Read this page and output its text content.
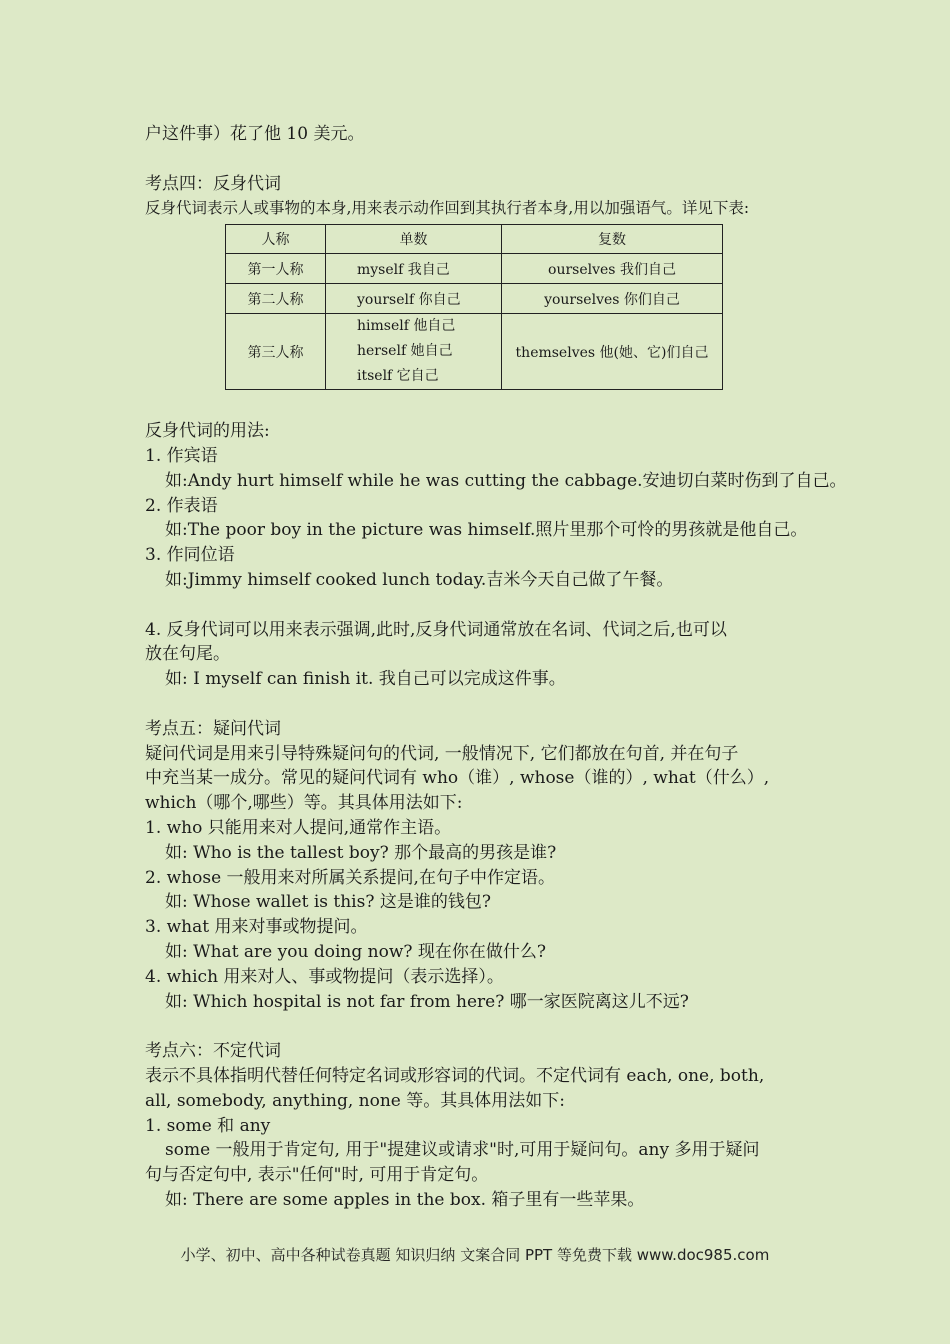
户这件事）花了他 10 美元。
考点四：反身代词
反身代词表示人或事物的本身,用来表示动作回到其执行者本身,用以加强语气。详见下表:
反身代词的用法:
1. 作宾语
如:Andy hurt himself while he was cutting the cabbage.安迪切白菜时伤到了自己。
2. 作表语
如:The poor boy in the picture was himself.照片里那个可怜的男孩就是他自己。
3. 作同位语
如:Jimmy himself cooked lunch today.吉米今天自己做了午餐。
4. 反身代词可以用来表示强调,此时,反身代词通常放在名词、代词之后,也可以
放在句尾。
如: I myself can finish it. 我自己可以完成这件事。
考点五：疑问代词
疑问代词是用来引导特殊疑问句的代词, 一般情况下, 它们都放在句首, 并在句子
中充当某一成分。常见的疑问代词有 who（谁）, whose（谁的）, what（什么）,
which（哪个,哪些）等。其具体用法如下:
1. who 只能用来对人提问,通常作主语。
如: Who is the tallest boy? 那个最高的男孩是谁?
2. whose 一般用来对所属关系提问,在句子中作定语。
如: Whose wallet is this? 这是谁的钱包?
3. what 用来对事或物提问。
如: What are you doing now? 现在你在做什么?
4. which 用来对人、事或物提问（表示选择）。
如: Which hospital is not far from here? 哪一家医院离这儿不远?
考点六：不定代词
表示不具体指明代替任何特定名词或形容词的代词。不定代词有 each, one, both,
all, somebody, anything, none 等。其具体用法如下:
1. some 和 any
some 一般用于肯定句, 用于"提建议或请求"时,可用于疑问句。any 多用于疑问
句与否定句中, 表示"任何"时, 可用于肯定句。
如: There are some apples in the box. 箱子里有一些苹果。
人称	单数	复数
第一人称	myself 我自己	ourselves 我们自己
第二人称	yourself 你自己	yourselves 你们自己
第三人称	himself 他自己
herself 她自己
itself 它自己	themselves 他(她、它)们自己
小学、初中、高中各种试卷真题 知识归纳 文案合同 PPT 等免费下载 www.doc985.com
